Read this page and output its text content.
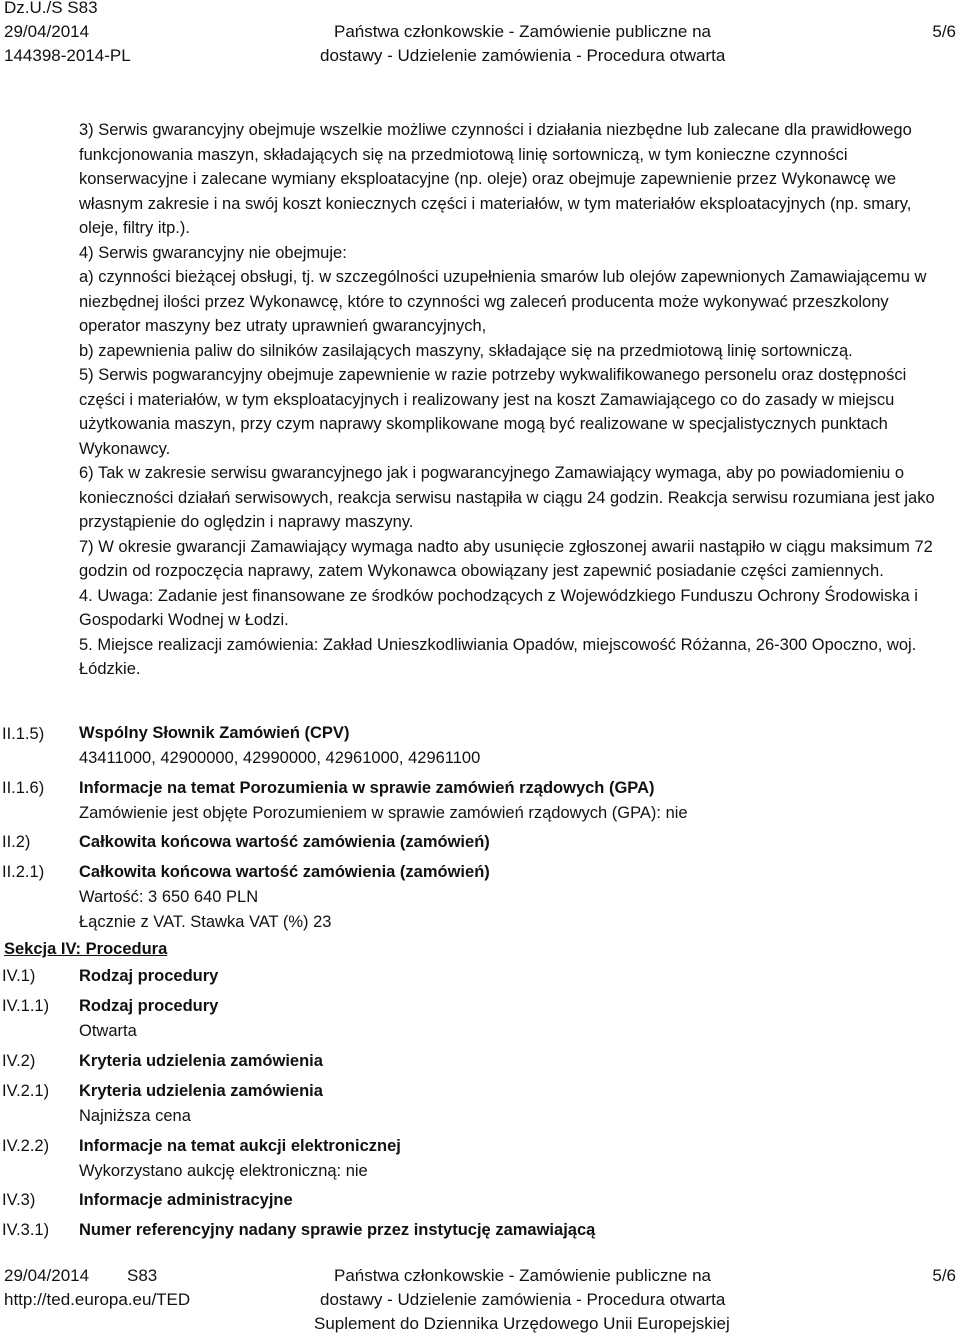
Dz.U./S S83
29/04/2014
144398-2014-PL
Państwa członkowskie - Zamówienie publiczne na
dostawy - Udzielenie zamówienia - Procedura otwarta
5/6

3) Serwis gwarancyjny obejmuje wszelkie możliwe czynności i działania niezbędne lub zalecane dla prawidłowego funkcjonowania maszyn, składających się na przedmiotową linię sortowniczą, w tym konieczne czynności konserwacyjne i zalecane wymiany eksploatacyjne (np. oleje) oraz obejmuje zapewnienie przez Wykonawcę we własnym zakresie i na swój koszt koniecznych części i materiałów, w tym materiałów eksploatacyjnych (np. smary, oleje, filtry itp.).

4) Serwis gwarancyjny nie obejmuje:

a) czynności bieżącej obsługi, tj. w szczególności uzupełnienia smarów lub olejów zapewnionych Zamawiającemu w niezbędnej ilości przez Wykonawcę, które to czynności wg zaleceń producenta może wykonywać przeszkolony operator maszyny bez utraty uprawnień gwarancyjnych,

b) zapewnienia paliw do silników zasilających maszyny, składające się na przedmiotową linię sortowniczą.

5) Serwis pogwarancyjny obejmuje zapewnienie w razie potrzeby wykwalifikowanego personelu oraz dostępności części i materiałów, w tym eksploatacyjnych i realizowany jest na koszt Zamawiającego co do zasady w miejscu użytkowania maszyn, przy czym naprawy skomplikowane mogą być realizowane w specjalistycznych punktach Wykonawcy.

6) Tak w zakresie serwisu gwarancyjnego jak i pogwarancyjnego Zamawiający wymaga, aby po powiadomieniu o konieczności działań serwisowych, reakcja serwisu nastąpiła w ciągu 24 godzin. Reakcja serwisu rozumiana jest jako przystąpienie do oględzin i naprawy maszyny.

7) W okresie gwarancji Zamawiający wymaga nadto aby usunięcie zgłoszonej awarii nastąpiło w ciągu maksimum 72 godzin od rozpoczęcia naprawy, zatem Wykonawca obowiązany jest zapewnić posiadanie części zamiennych.

4. Uwaga: Zadanie jest finansowane ze środków pochodzących z Wojewódzkiego Funduszu Ochrony Środowiska i Gospodarki Wodnej w Łodzi.

5. Miejsce realizacji zamówienia: Zakład Unieszkodliwiania Opadów, miejscowość Różanna, 26-300 Opoczno, woj. Łódzkie.

II.1.5) Wspólny Słownik Zamówień (CPV)
43411000, 42900000, 42990000, 42961000, 42961100
II.1.6) Informacje na temat Porozumienia w sprawie zamówień rządowych (GPA)
Zamówienie jest objęte Porozumieniem w sprawie zamówień rządowych (GPA): nie
II.2)	Całkowita końcowa wartość zamówienia (zamówień)
II.2.1) Całkowita końcowa wartość zamówienia (zamówień)
Wartość: 3 650 640 PLN
Łącznie z VAT. Stawka VAT (%) 23
Sekcja IV: Procedura
IV.1)	Rodzaj procedury
IV.1.1) Rodzaj procedury
Otwarta
IV.2)	Kryteria udzielenia zamówienia
IV.2.1) Kryteria udzielenia zamówienia
Najniższa cena
IV.2.2) Informacje na temat aukcji elektronicznej
Wykorzystano aukcję elektroniczną: nie
IV.3)	Informacje administracyjne
IV.3.1) Numer referencyjny nadany sprawie przez instytucję zamawiającą
29/04/2014 S83
http://ted.europa.eu/TED
Państwa członkowskie - Zamówienie publiczne na
dostawy - Udzielenie zamówienia - Procedura otwarta
Suplement do Dziennika Urzędowego Unii Europejskiej
5/6
